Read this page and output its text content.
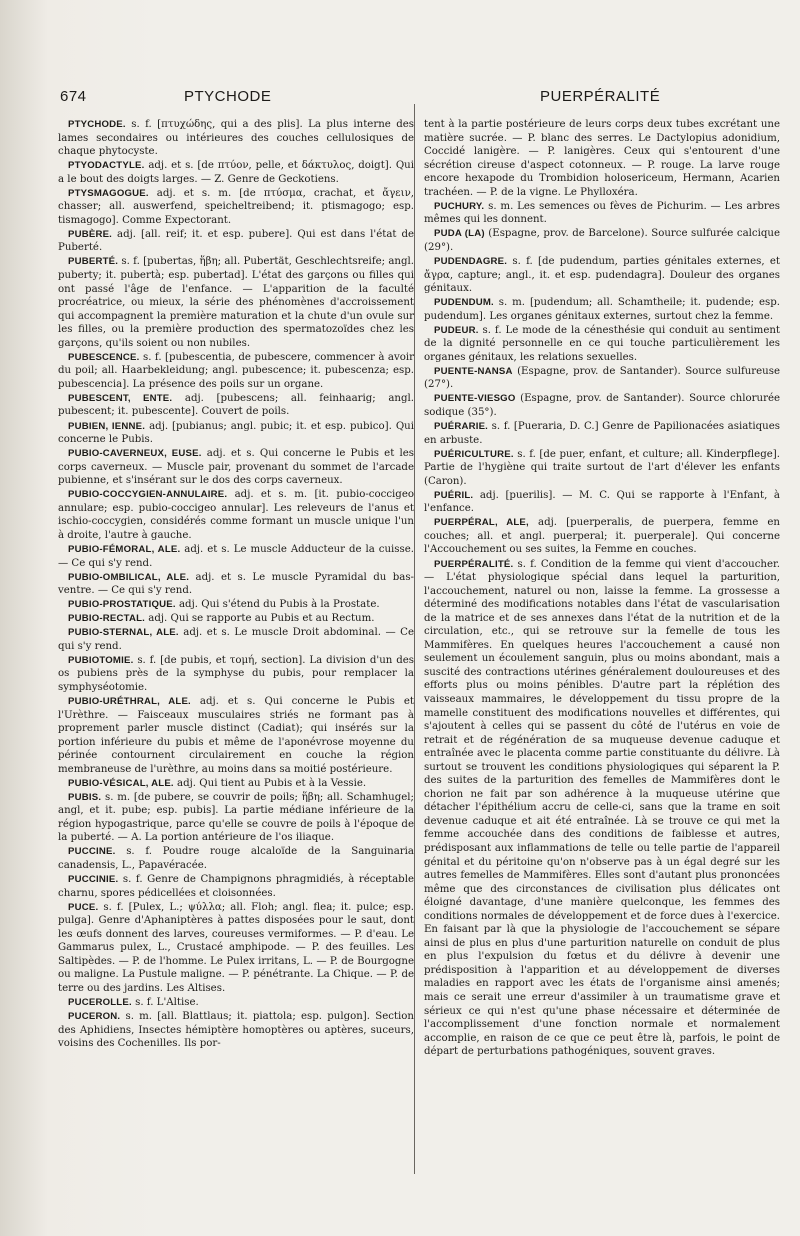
674	PTYCHODE	PUERPÉRALITÉ

PTYCHODE. s. f. [πτυχώδης, qui a des plis]. La plus interne des lames secondaires ou intérieures des couches cellulosiques de chaque phytocyste.

PTYODACTYLE. adj. et s. [de πτύον, pelle, et δάκτυλος, doigt]. Qui a le bout des doigts larges. — Z. Genre de Geckotiens.

PTYSMAGOGUE. adj. et s. m. [de πτύσμα, crachat, et ἄγειν, chasser; all. auswerfend, speicheltreibend; it. ptismagogo; esp. tismagogo]. Comme Expectorant.

PUBÈRE. adj. [all. reif; it. et esp. pubere]. Qui est dans l'état de Puberté.

PUBERTÉ. s. f. [pubertas, ἥβη; all. Pubertät, Geschlechtsreife; angl. puberty; it. pubertà; esp. pubertad]. L'état des garçons ou filles qui ont passé l'âge de l'enfance. — L'apparition de la faculté procréatrice, ou mieux, la série des phénomènes d'accroissement qui accompagnent la première maturation et la chute d'un ovule sur les filles, ou la première production des spermatozoïdes chez les garçons, qu'ils soient ou non nubiles.

PUBESCENCE. s. f. [pubescentia, de pubescere, commencer à avoir du poil; all. Haarbekleidung; angl. pubescence; it. pubescenza; esp. pubescencia]. La présence des poils sur un organe.

PUBESCENT, ENTE. adj. [pubescens; all. feinhaarig; angl. pubescent; it. pubescente]. Couvert de poils.

PUBIEN, IENNE. adj. [pubianus; angl. pubic; it. et esp. pubico]. Qui concerne le Pubis.

PUBIO-CAVERNEUX, EUSE. adj. et s. Qui concerne le Pubis et les corps caverneux. — Muscle pair, provenant du sommet de l'arcade pubienne, et s'insérant sur le dos des corps caverneux.

PUBIO-COCCYGIEN-ANNULAIRE. adj. et s. m. [it. pubio-coccigeo annulare; esp. pubio-coccigeo annular]. Les releveurs de l'anus et ischio-coccygien, considérés comme formant un muscle unique l'un à droite, l'autre à gauche.

PUBIO-FÉMORAL, ALE. adj. et s. Le muscle Adducteur de la cuisse. — Ce qui s'y rend.

PUBIO-OMBILICAL, ALE. adj. et s. Le muscle Pyramidal du bas-ventre. — Ce qui s'y rend.

PUBIO-PROSTATIQUE. adj. Qui s'étend du Pubis à la Prostate.

PUBIO-RECTAL. adj. Qui se rapporte au Pubis et au Rectum.

PUBIO-STERNAL, ALE. adj. et s. Le muscle Droit abdominal. — Ce qui s'y rend.

PUBIOTOMIE. s. f. [de pubis, et τομή, section]. La division d'un des os pubiens près de la symphyse du pubis, pour remplacer la symphyséotomie.

PUBIO-URÉTHRAL, ALE. adj. et s. Qui concerne le Pubis et l'Urèthre. — Faisceaux musculaires striés ne formant pas à proprement parler muscle distinct (Cadiat); qui insérés sur la portion inférieure du pubis et même de l'aponévrose moyenne du périnée contournent circulairement en couche la région membraneuse de l'urèthre, au moins dans sa moitié postérieure.

PUBIO-VÉSICAL, ALE. adj. Qui tient au Pubis et à la Vessie.

PUBIS. s. m. [de pubere, se couvrir de poils; ἥβη; all. Schamhugel; angl, et it. pube; esp. pubis]. La partie médiane inférieure de la région hypogastrique, parce qu'elle se couvre de poils à l'époque de la puberté. — A. La portion antérieure de l'os iliaque.

PUCCINE. s. f. Poudre rouge alcaloïde de la Sanguinaria canadensis, L., Papavéracée.

PUCCINIE. s. f. Genre de Champignons phragmidiés, à réceptable charnu, spores pédicellées et cloisonnées.

PUCE. s. f. [Pulex, L.; ψύλλα; all. Floh; angl. flea; it. pulce; esp. pulga]. Genre d'Aphaniptères à pattes disposées pour le saut, dont les œufs donnent des larves, coureuses vermiformes. — P. d'eau. Le Gammarus pulex, L., Crustacé amphipode. — P. des feuilles. Les Saltipèdes. — P. de l'homme. Le Pulex irritans, L. — P. de Bourgogne ou maligne. La Pustule maligne. — P. pénétrante. La Chique. — P. de terre ou des jardins. Les Altises.

PUCEROLLE. s. f. L'Altise.

PUCERON. s. m. [all. Blattlaus; it. piattola; esp. pulgon]. Section des Aphidiens, Insectes hémiptère homoptères ou aptères, suceurs, voisins des Cochenilles. Ils por-

tent à la partie postérieure de leurs corps deux tubes excrétant une matière sucrée. — P. blanc des serres. Le Dactylopius adonidium, Coccidé lanigère. — P. lanigères. Ceux qui s'entourent d'une sécrétion cireuse d'aspect cotonneux. — P. rouge. La larve rouge encore hexapode du Trombidion holosericeum, Hermann, Acarien trachéen. — P. de la vigne. Le Phylloxéra.

PUCHURY. s. m. Les semences ou fèves de Pichurim. — Les arbres mêmes qui les donnent.

PUDA (LA) (Espagne, prov. de Barcelone). Source sulfurée calcique (29°).

PUDENDAGRE. s. f. [de pudendum, parties génitales externes, et ἄγρα, capture; angl., it. et esp. pudendagra]. Douleur des organes génitaux.

PUDENDUM. s. m. [pudendum; all. Schamtheile; it. pudende; esp. pudendum]. Les organes génitaux externes, surtout chez la femme.

PUDEUR. s. f. Le mode de la cénesthésie qui conduit au sentiment de la dignité personnelle en ce qui touche particulièrement les organes génitaux, les relations sexuelles.

PUENTE-NANSA (Espagne, prov. de Santander). Source sulfureuse (27°).

PUENTE-VIESGO (Espagne, prov. de Santander). Source chlorurée sodique (35°).

PUÉRARIE. s. f. [Pueraria, D. C.] Genre de Papilionacées asiatiques en arbuste.

PUÉRICULTURE. s. f. [de puer, enfant, et culture; all. Kinderpflege]. Partie de l'hygiène qui traite surtout de l'art d'élever les enfants (Caron).

PUÉRIL. adj. [puerilis]. — M. C. Qui se rapporte à l'Enfant, à l'enfance.

PUERPÉRAL, ALE, adj. [puerperalis, de puerpera, femme en couches; all. et angl. puerperal; it. puerperale]. Qui concerne l'Accouchement ou ses suites, la Femme en couches.

PUERPÉRALITÉ. s. f. Condition de la femme qui vient d'accoucher. — L'état physiologique spécial dans lequel la parturition, l'accouchement, naturel ou non, laisse la femme. La grossesse a déterminé des modifications notables dans l'état de vascularisation de la matrice et de ses annexes dans l'état de la nutrition et de la circulation, etc., qui se retrouve sur la femelle de tous les Mammifères. En quelques heures l'accouchement a causé non seulement un écoulement sanguin, plus ou moins abondant, mais a suscité des contractions utérines généralement douloureuses et des efforts plus ou moins pénibles. D'autre part la réplétion des vaisseaux mammaires, le développement du tissu propre de la mamelle constituent des modifications nouvelles et différentes, qui s'ajoutent à celles qui se passent du côté de l'utérus en voie de retrait et de régénération de sa muqueuse devenue caduque et entraînée avec le placenta comme partie constituante du délivre. Là surtout se trouvent les conditions physiologiques qui séparent la P. des suites de la parturition des femelles de Mammifères dont le chorion ne fait par son adhérence à la muqueuse utérine que détacher l'épithélium accru de celle-ci, sans que la trame en soit devenue caduque et ait été entraînée. Là se trouve ce qui met la femme accouchée dans des conditions de faiblesse et autres, prédisposant aux inflammations de telle ou telle partie de l'appareil génital et du péritoine qu'on n'observe pas à un égal degré sur les autres femelles de Mammifères. Elles sont d'autant plus prononcées même que des circonstances de civilisation plus délicates ont éloigné davantage, d'une manière quelconque, les femmes des conditions normales de développement et de force dues à l'exercice. En faisant par là que la physiologie de l'accouchement se sépare ainsi de plus en plus d'une parturition naturelle on conduit de plus en plus l'expulsion du fœtus et du délivre à devenir une prédisposition à l'apparition et au développement de diverses maladies en rapport avec les états de l'organisme ainsi amenés; mais ce serait une erreur d'assimiler à un traumatisme grave et sérieux ce qui n'est qu'une phase nécessaire et déterminée de l'accomplissement d'une fonction normale et normalement accomplie, en raison de ce que ce peut être là, parfois, le point de départ de perturbations pathogéniques, souvent graves.
